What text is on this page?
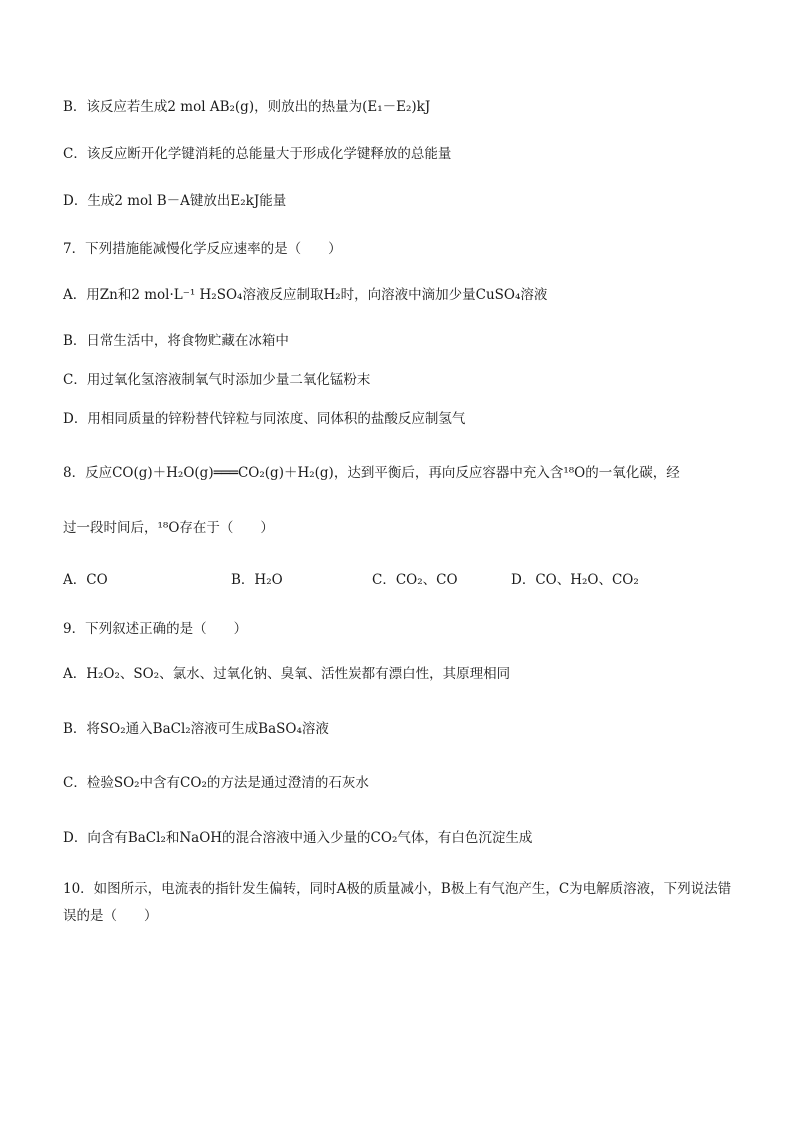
B．该反应若生成2 mol AB₂(g)，则放出的热量为(E₁－E₂)kJ
C．该反应断开化学键消耗的总能量大于形成化学键释放的总能量
D．生成2 mol B－A键放出E₂kJ能量
7．下列措施能减慢化学反应速率的是（　　）
A．用Zn和2 mol·L⁻¹ H₂SO₄溶液反应制取H₂时，向溶液中滴加少量CuSO₄溶液
B．日常生活中，将食物贮藏在冰箱中
C．用过氧化氢溶液制氧气时添加少量二氧化锰粉末
D．用相同质量的锌粉替代锌粒与同浓度、同体积的盐酸反应制氢气
8．反应CO(g)＋H₂O(g)═══CO₂(g)＋H₂(g)，达到平衡后，再向反应容器中充入含¹⁸O的一氧化碳，经
过一段时间后，¹⁸O存在于（　　）
A．CO	B．H₂O	C．CO₂、CO	D．CO、H₂O、CO₂
9．下列叙述正确的是（　　）
A．H₂O₂、SO₂、氯水、过氧化钠、臭氧、活性炭都有漂白性，其原理相同
B．将SO₂通入BaCl₂溶液可生成BaSO₄溶液
C．检验SO₂中含有CO₂的方法是通过澄清的石灰水
D．向含有BaCl₂和NaOH的混合溶液中通入少量的CO₂气体，有白色沉淀生成
10．如图所示，电流表的指针发生偏转，同时A极的质量减小，B极上有气泡产生，C为电解质溶液，下列说法错误的是（　　）
